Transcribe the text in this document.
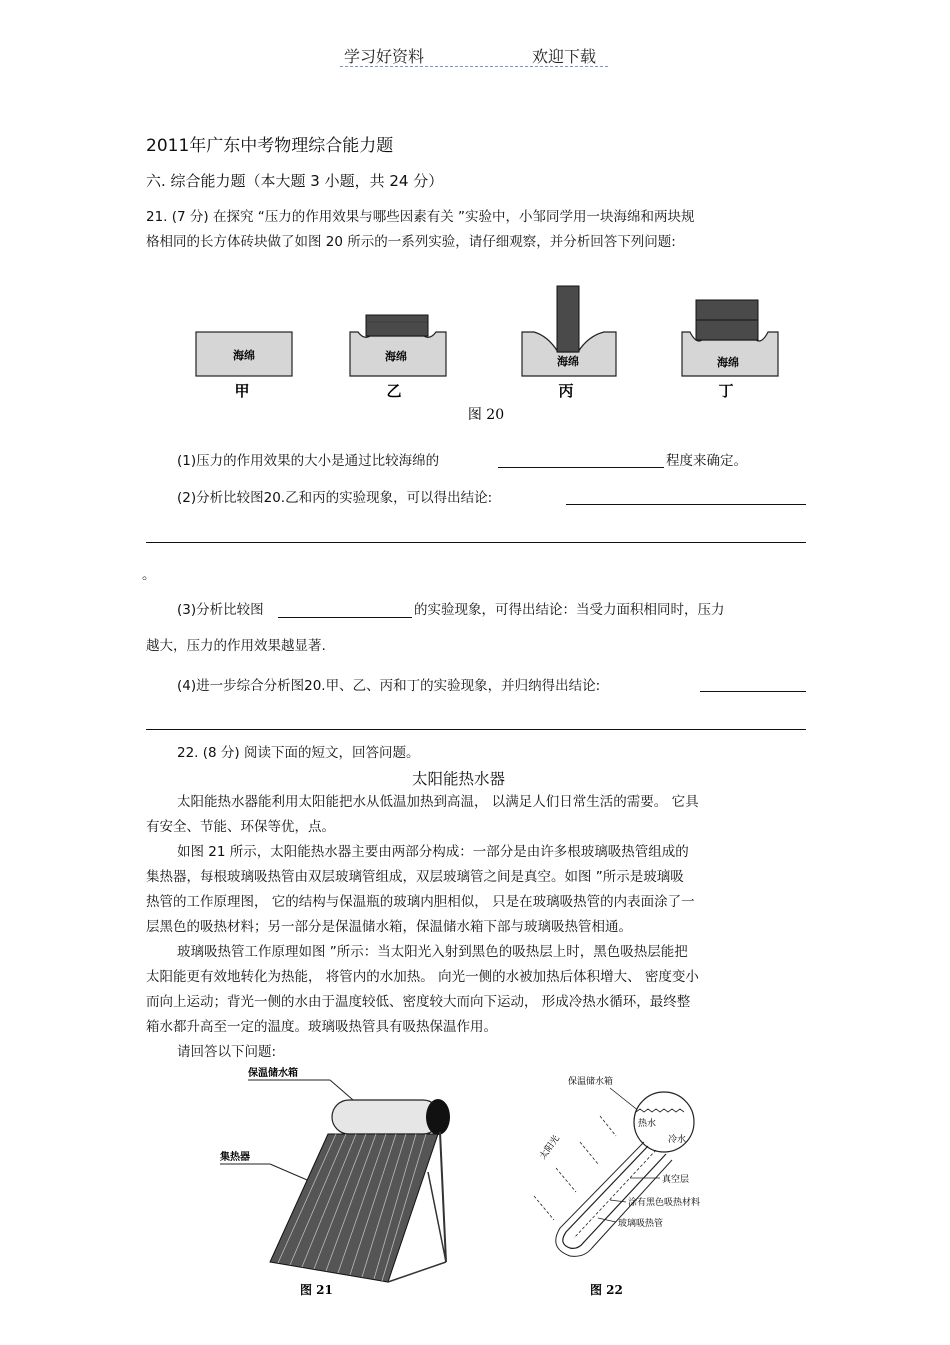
学习好资料	欢迎下载
2011年广东中考物理综合能力题
六. 综合能力题（本大题 3 小题，共 24 分）
21. (7 分) 在探究 “压力的作用效果与哪些因素有关 ”实验中，小邹同学用一块海绵和两块规
格相同的长方体砖块做了如图 20 所示的一系列实验，请仔细观察，并分析回答下列问题:
海绵
甲
海绵
乙
海绵
丙
海绵
丁
图 20
(1)压力的作用效果的大小是通过比较海绵的	程度来确定。
(2)分析比较图20.乙和丙的实验现象，可以得出结论:
。
(3)分析比较图	的实验现象，可得出结论：当受力面积相同时，压力
越大，压力的作用效果越显著.
(4)进一步综合分析图20.甲、乙、丙和丁的实验现象，并归纳得出结论:
22. (8 分) 阅读下面的短文，回答问题。
太阳能热水器
太阳能热水器能利用太阳能把水从低温加热到高温， 以满足人们日常生活的需要。 它具
有安全、节能、环保等优，点。
如图 21 所示，太阳能热水器主要由两部分构成：一部分是由许多根玻璃吸热管组成的
集热器，每根玻璃吸热管由双层玻璃管组成，双层玻璃管之间是真空。如图 ”所示是玻璃吸
热管的工作原理图， 它的结构与保温瓶的玻璃内胆相似， 只是在玻璃吸热管的内表面涂了一
层黑色的吸热材料；另一部分是保温储水箱，保温储水箱下部与玻璃吸热管相通。
玻璃吸热管工作原理如图 ”所示：当太阳光入射到黑色的吸热层上时，黑色吸热层能把
太阳能更有效地转化为热能， 将管内的水加热。 向光一侧的水被加热后体积增大、 密度变小
而向上运动；背光一侧的水由于温度较低、密度较大而向下运动， 形成冷热水循环，最终整
箱水都升高至一定的温度。玻璃吸热管具有吸热保温作用。
请回答以下问题:
保温储水箱
集热器
图 21
保温储水箱
热水
冷水
太阳光
真空层
涂有黑色吸热材料
玻璃吸热管
图 22
